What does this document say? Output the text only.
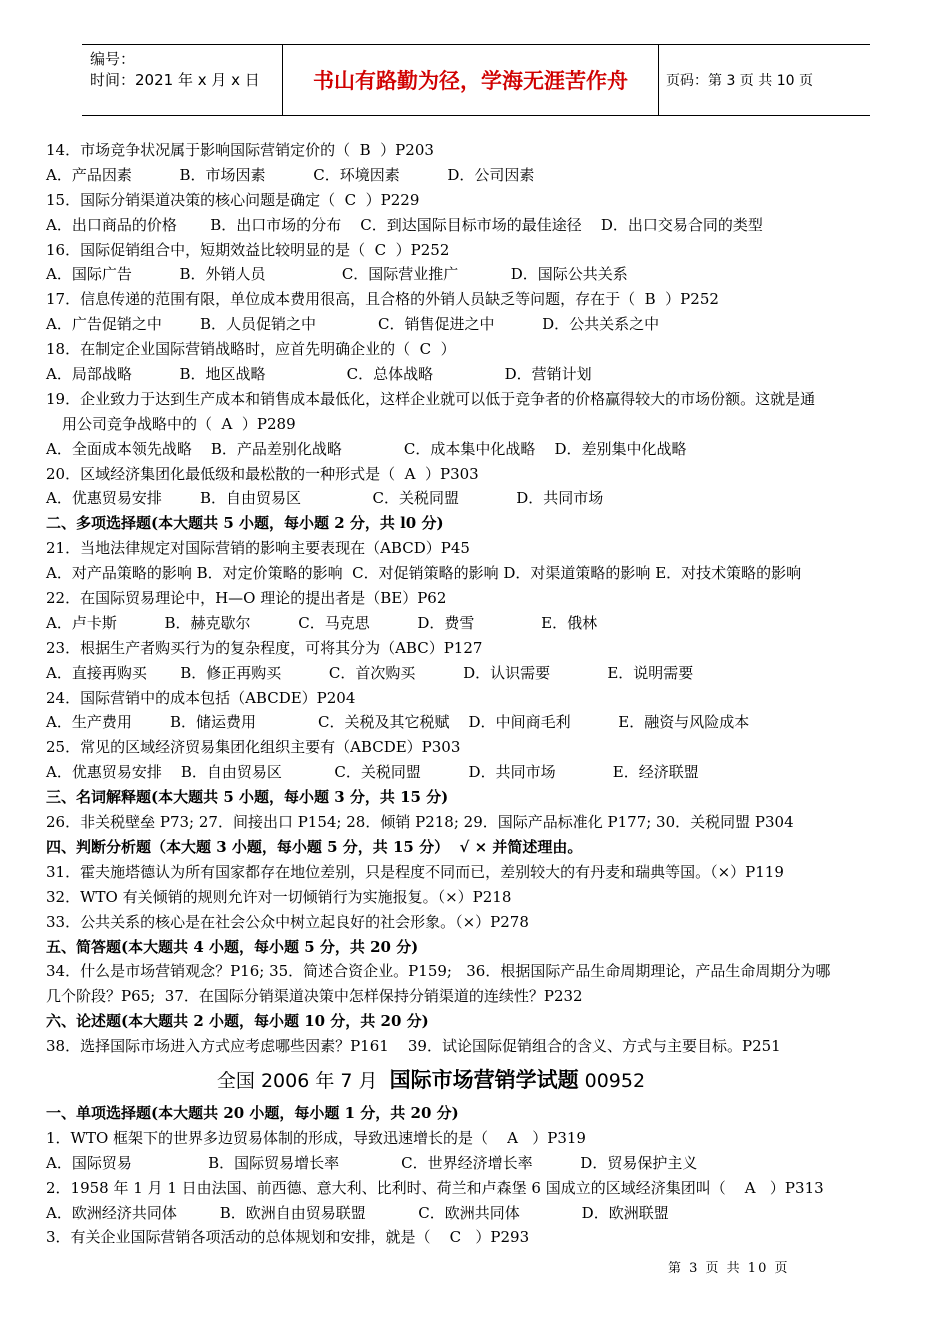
编号：
时间：2021 年 x 月 x 日	书山有路勤为径，学海无涯苦作舟	页码：第 3 页 共 10 页
14．市场竞争状况属于影响国际营销定价的（  B  ）P203
A．产品因素          B．市场因素          C．环境因素          D．公司因素
15．国际分销渠道决策的核心问题是确定（  C  ）P229
A．出口商品的价格       B．出口市场的分布    C．到达国际目标市场的最佳途径    D．出口交易合同的类型
16．国际促销组合中，短期效益比较明显的是（  C  ）P252
A．国际广告          B．外销人员                C．国际营业推广           D．国际公共关系
17．信息传递的范围有限，单位成本费用很高，且合格的外销人员缺乏等问题，存在于（  B  ）P252
A．广告促销之中        B．人员促销之中             C．销售促进之中          D．公共关系之中
18．在制定企业国际营销战略时，应首先明确企业的（  C  ）
A．局部战略          B．地区战略                 C．总体战略               D．营销计划
19．企业致力于达到生产成本和销售成本最低化，这样企业就可以低于竞争者的价格赢得较大的市场份额。这就是通
用公司竞争战略中的（  A  ）P289
A．全面成本领先战略    B．产品差别化战略             C．成本集中化战略    D．差别集中化战略
20．区域经济集团化最低级和最松散的一种形式是（  A  ）P303
A．优惠贸易安排        B．自由贸易区               C．关税同盟            D．共同市场
二、多项选择题(本大题共 5 小题，每小题 2 分，共 l0 分)
21．当地法律规定对国际营销的影响主要表现在（ABCD）P45
A．对产品策略的影响 B．对定价策略的影响  C．对促销策略的影响 D．对渠道策略的影响 E．对技术策略的影响
22．在国际贸易理论中，H—O 理论的提出者是（BE）P62
A．卢卡斯          B．赫克歇尔          C．马克思          D．费雪              E．俄林
23．根据生产者购买行为的复杂程度，可将其分为（ABC）P127
A．直接再购买       B．修正再购买          C．首次购买          D．认识需要            E．说明需要
24．国际营销中的成本包括（ABCDE）P204
A．生产费用        B．储运费用             C．关税及其它税赋    D．中间商毛利          E．融资与风险成本
25．常见的区域经济贸易集团化组织主要有（ABCDE）P303
A．优惠贸易安排    B．自由贸易区           C．关税同盟          D．共同市场            E．经济联盟
三、名词解释题(本大题共 5 小题，每小题 3 分，共 15 分)
26．非关税壁垒 P73; 27．间接出口 P154; 28．倾销 P218; 29．国际产品标准化 P177; 30．关税同盟 P304
四、判断分析题（本大题 3 小题，每小题 5 分，共 15 分）  √ × 并简述理由。
31．霍夫施塔德认为所有国家都存在地位差别，只是程度不同而已，差别较大的有丹麦和瑞典等国。（×）P119
32．WTO 有关倾销的规则允许对一切倾销行为实施报复。（×）P218
33．公共关系的核心是在社会公众中树立起良好的社会形象。（×）P278
五、简答题(本大题共 4 小题，每小题 5 分，共 20 分)
34．什么是市场营销观念？P16; 35．简述合资企业。P159;   36．根据国际产品生命周期理论，产品生命周期分为哪
几个阶段？P65;  37．在国际分销渠道决策中怎样保持分销渠道的连续性？P232
六、论述题(本大题共 2 小题，每小题 10 分，共 20 分)
38．选择国际市场进入方式应考虑哪些因素？P161    39．试论国际促销组合的含义、方式与主要目标。P251
全国 2006 年 7 月  国际市场营销学试题 00952
一、单项选择题(本大题共 20 小题，每小题 1 分，共 20 分)
1．WTO 框架下的世界多边贸易体制的形成，导致迅速增长的是（    A   ）P319
A．国际贸易                B．国际贸易增长率             C．世界经济增长率          D．贸易保护主义
2．1958 年 1 月 1 日由法国、前西德、意大利、比利时、荷兰和卢森堡 6 国成立的区域经济集团叫（    A   ）P313
A．欧洲经济共同体         B．欧洲自由贸易联盟           C．欧洲共同体             D．欧洲联盟
3．有关企业国际营销各项活动的总体规划和安排，就是（    C   ）P293
第 3 页 共 10 页
